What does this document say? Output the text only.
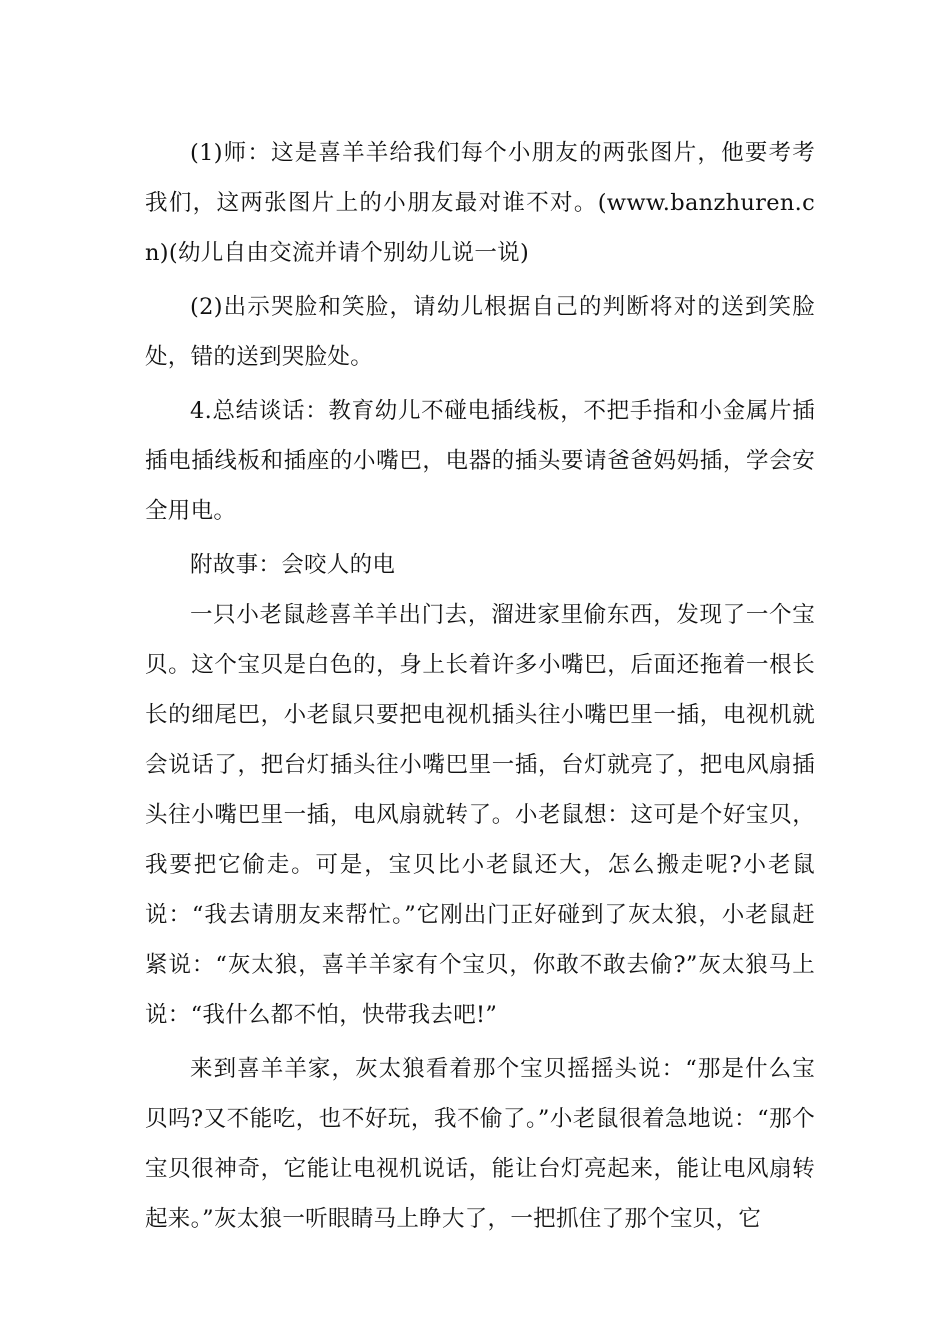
(1)师：这是喜羊羊给我们每个小朋友的两张图片，他要考考我们，这两张图片上的小朋友最对谁不对。(www.banzhuren.cn)(幼儿自由交流并请个别幼儿说一说)

(2)出示哭脸和笑脸，请幼儿根据自己的判断将对的送到笑脸处，错的送到哭脸处。

4.总结谈话：教育幼儿不碰电插线板，不把手指和小金属片插插电插线板和插座的小嘴巴，电器的插头要请爸爸妈妈插，学会安全用电。

附故事：会咬人的电

一只小老鼠趁喜羊羊出门去，溜进家里偷东西，发现了一个宝贝。这个宝贝是白色的，身上长着许多小嘴巴，后面还拖着一根长长的细尾巴，小老鼠只要把电视机插头往小嘴巴里一插，电视机就会说话了，把台灯插头往小嘴巴里一插，台灯就亮了，把电风扇插头往小嘴巴里一插，电风扇就转了。小老鼠想：这可是个好宝贝，我要把它偷走。可是，宝贝比小老鼠还大，怎么搬走呢?小老鼠说：“我去请朋友来帮忙。”它刚出门正好碰到了灰太狼，小老鼠赶紧说：“灰太狼，喜羊羊家有个宝贝，你敢不敢去偷?”灰太狼马上说：“我什么都不怕，快带我去吧!”

来到喜羊羊家，灰太狼看着那个宝贝摇摇头说：“那是什么宝贝吗?又不能吃，也不好玩，我不偷了。”小老鼠很着急地说：“那个宝贝很神奇，它能让电视机说话，能让台灯亮起来，能让电风扇转起来。”灰太狼一听眼睛马上睁大了，一把抓住了那个宝贝，它
